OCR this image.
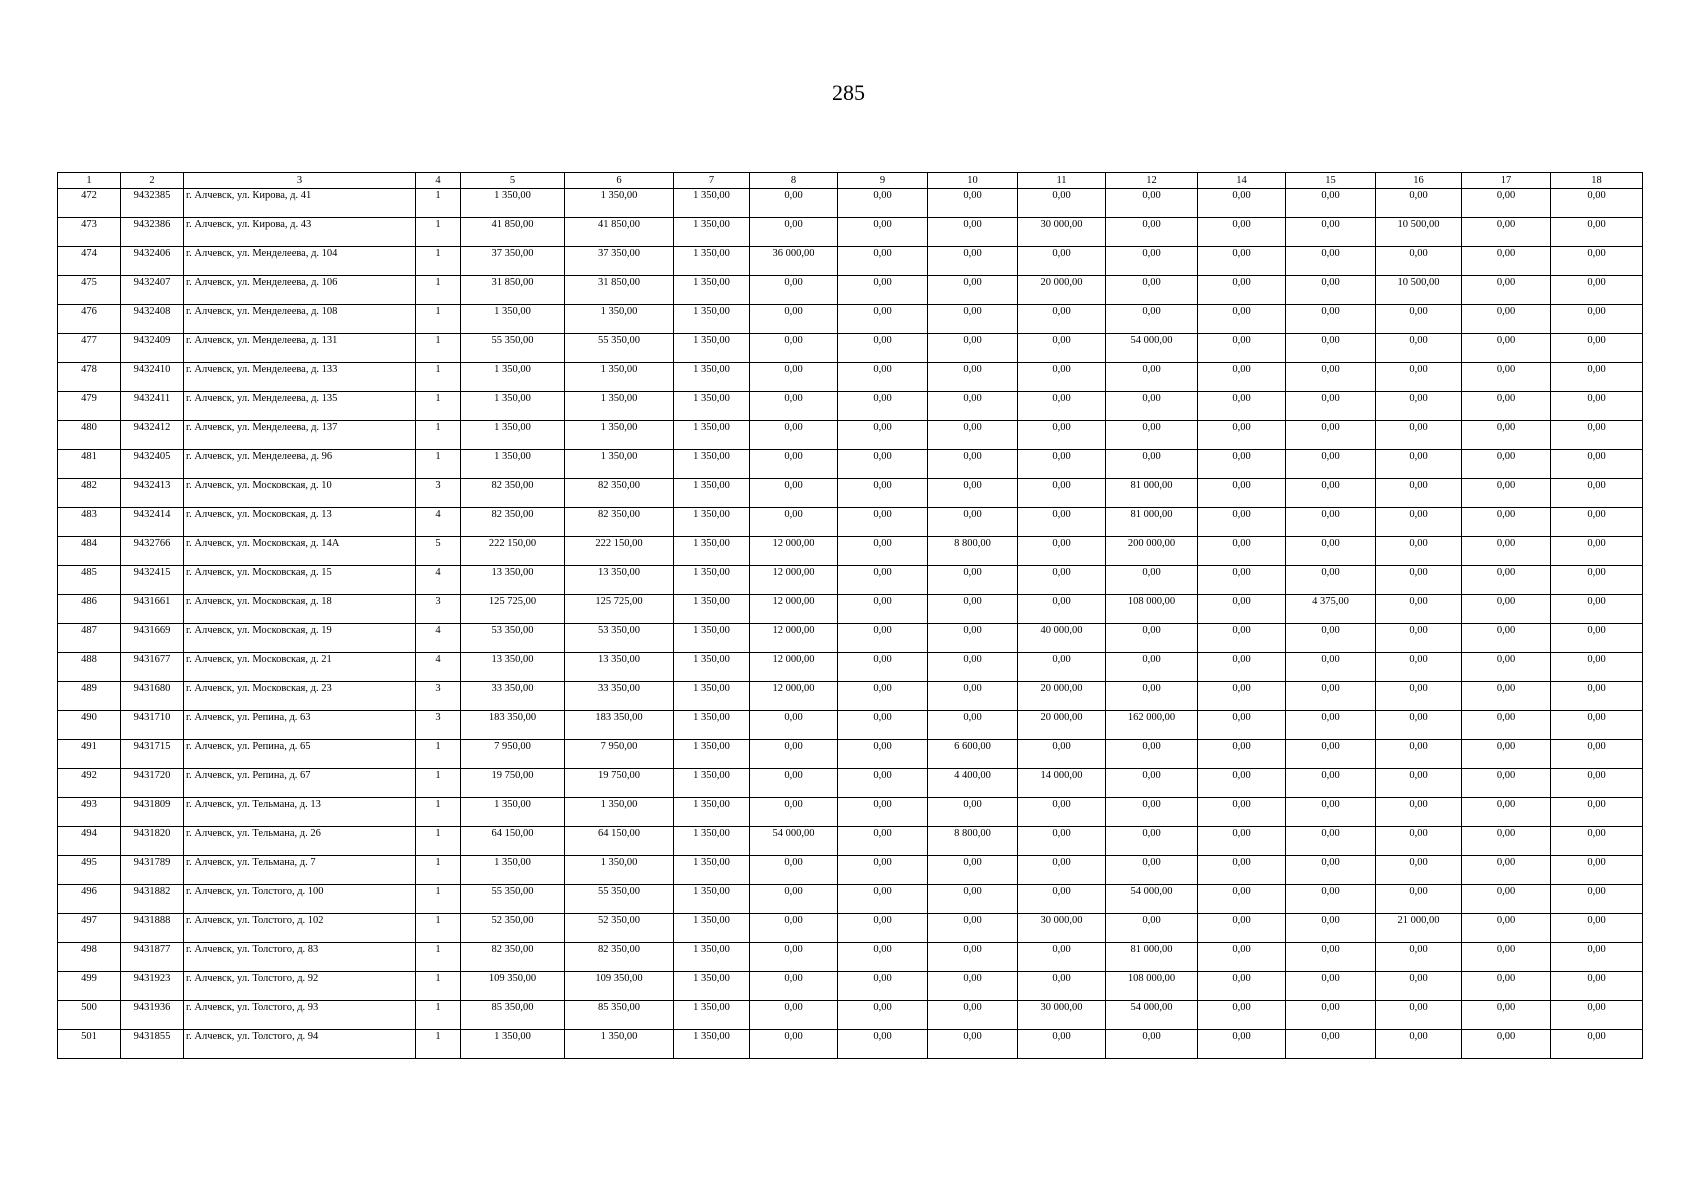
285
1	2	3	4	5	6	7	8	9	10	11	12	14	15	16	17	18
472	9432385	г. Алчевск, ул. Кирова, д. 41	1	1 350,00	1 350,00	1 350,00	0,00	0,00	0,00	0,00	0,00	0,00	0,00	0,00	0,00	0,00
473	9432386	г. Алчевск, ул. Кирова, д. 43	1	41 850,00	41 850,00	1 350,00	0,00	0,00	0,00	30 000,00	0,00	0,00	0,00	10 500,00	0,00	0,00
474	9432406	г. Алчевск, ул. Менделеева, д. 104	1	37 350,00	37 350,00	1 350,00	36 000,00	0,00	0,00	0,00	0,00	0,00	0,00	0,00	0,00	0,00
475	9432407	г. Алчевск, ул. Менделеева, д. 106	1	31 850,00	31 850,00	1 350,00	0,00	0,00	0,00	20 000,00	0,00	0,00	0,00	10 500,00	0,00	0,00
476	9432408	г. Алчевск, ул. Менделеева, д. 108	1	1 350,00	1 350,00	1 350,00	0,00	0,00	0,00	0,00	0,00	0,00	0,00	0,00	0,00	0,00
477	9432409	г. Алчевск, ул. Менделеева, д. 131	1	55 350,00	55 350,00	1 350,00	0,00	0,00	0,00	0,00	54 000,00	0,00	0,00	0,00	0,00	0,00
478	9432410	г. Алчевск, ул. Менделеева, д. 133	1	1 350,00	1 350,00	1 350,00	0,00	0,00	0,00	0,00	0,00	0,00	0,00	0,00	0,00	0,00
479	9432411	г. Алчевск, ул. Менделеева, д. 135	1	1 350,00	1 350,00	1 350,00	0,00	0,00	0,00	0,00	0,00	0,00	0,00	0,00	0,00	0,00
480	9432412	г. Алчевск, ул. Менделеева, д. 137	1	1 350,00	1 350,00	1 350,00	0,00	0,00	0,00	0,00	0,00	0,00	0,00	0,00	0,00	0,00
481	9432405	г. Алчевск, ул. Менделеева, д. 96	1	1 350,00	1 350,00	1 350,00	0,00	0,00	0,00	0,00	0,00	0,00	0,00	0,00	0,00	0,00
482	9432413	г. Алчевск, ул. Московская, д. 10	3	82 350,00	82 350,00	1 350,00	0,00	0,00	0,00	0,00	81 000,00	0,00	0,00	0,00	0,00	0,00
483	9432414	г. Алчевск, ул. Московская, д. 13	4	82 350,00	82 350,00	1 350,00	0,00	0,00	0,00	0,00	81 000,00	0,00	0,00	0,00	0,00	0,00
484	9432766	г. Алчевск, ул. Московская, д. 14А	5	222 150,00	222 150,00	1 350,00	12 000,00	0,00	8 800,00	0,00	200 000,00	0,00	0,00	0,00	0,00	0,00
485	9432415	г. Алчевск, ул. Московская, д. 15	4	13 350,00	13 350,00	1 350,00	12 000,00	0,00	0,00	0,00	0,00	0,00	0,00	0,00	0,00	0,00
486	9431661	г. Алчевск, ул. Московская, д. 18	3	125 725,00	125 725,00	1 350,00	12 000,00	0,00	0,00	0,00	108 000,00	0,00	4 375,00	0,00	0,00	0,00
487	9431669	г. Алчевск, ул. Московская, д. 19	4	53 350,00	53 350,00	1 350,00	12 000,00	0,00	0,00	40 000,00	0,00	0,00	0,00	0,00	0,00	0,00
488	9431677	г. Алчевск, ул. Московская, д. 21	4	13 350,00	13 350,00	1 350,00	12 000,00	0,00	0,00	0,00	0,00	0,00	0,00	0,00	0,00	0,00
489	9431680	г. Алчевск, ул. Московская, д. 23	3	33 350,00	33 350,00	1 350,00	12 000,00	0,00	0,00	20 000,00	0,00	0,00	0,00	0,00	0,00	0,00
490	9431710	г. Алчевск, ул. Репина, д. 63	3	183 350,00	183 350,00	1 350,00	0,00	0,00	0,00	20 000,00	162 000,00	0,00	0,00	0,00	0,00	0,00
491	9431715	г. Алчевск, ул. Репина, д. 65	1	7 950,00	7 950,00	1 350,00	0,00	0,00	6 600,00	0,00	0,00	0,00	0,00	0,00	0,00	0,00
492	9431720	г. Алчевск, ул. Репина, д. 67	1	19 750,00	19 750,00	1 350,00	0,00	0,00	4 400,00	14 000,00	0,00	0,00	0,00	0,00	0,00	0,00
493	9431809	г. Алчевск, ул. Тельмана, д. 13	1	1 350,00	1 350,00	1 350,00	0,00	0,00	0,00	0,00	0,00	0,00	0,00	0,00	0,00	0,00
494	9431820	г. Алчевск, ул. Тельмана, д. 26	1	64 150,00	64 150,00	1 350,00	54 000,00	0,00	8 800,00	0,00	0,00	0,00	0,00	0,00	0,00	0,00
495	9431789	г. Алчевск, ул. Тельмана, д. 7	1	1 350,00	1 350,00	1 350,00	0,00	0,00	0,00	0,00	0,00	0,00	0,00	0,00	0,00	0,00
496	9431882	г. Алчевск, ул. Толстого, д. 100	1	55 350,00	55 350,00	1 350,00	0,00	0,00	0,00	0,00	54 000,00	0,00	0,00	0,00	0,00	0,00
497	9431888	г. Алчевск, ул. Толстого, д. 102	1	52 350,00	52 350,00	1 350,00	0,00	0,00	0,00	30 000,00	0,00	0,00	0,00	21 000,00	0,00	0,00
498	9431877	г. Алчевск, ул. Толстого, д. 83	1	82 350,00	82 350,00	1 350,00	0,00	0,00	0,00	0,00	81 000,00	0,00	0,00	0,00	0,00	0,00
499	9431923	г. Алчевск, ул. Толстого, д. 92	1	109 350,00	109 350,00	1 350,00	0,00	0,00	0,00	0,00	108 000,00	0,00	0,00	0,00	0,00	0,00
500	9431936	г. Алчевск, ул. Толстого, д. 93	1	85 350,00	85 350,00	1 350,00	0,00	0,00	0,00	30 000,00	54 000,00	0,00	0,00	0,00	0,00	0,00
501	9431855	г. Алчевск, ул. Толстого, д. 94	1	1 350,00	1 350,00	1 350,00	0,00	0,00	0,00	0,00	0,00	0,00	0,00	0,00	0,00	0,00
